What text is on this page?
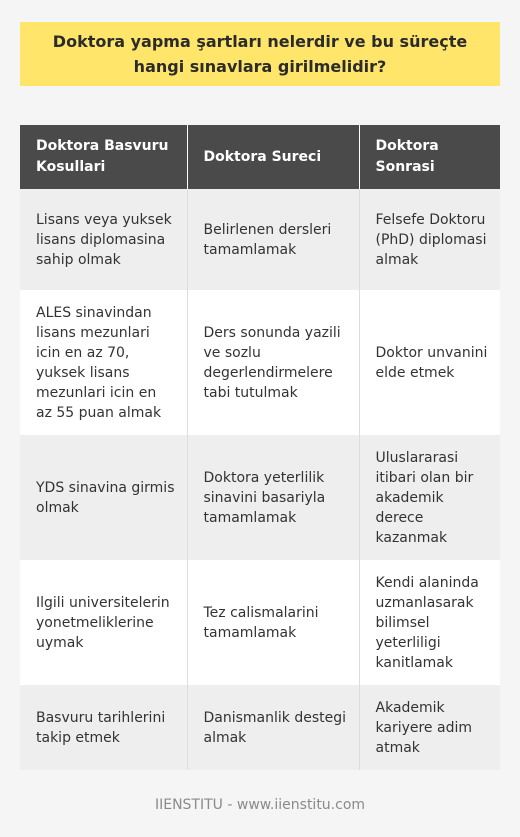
Doktora yapma şartları nelerdir ve bu süreçte hangi sınavlara girilmelidir?
Doktora Basvuru Kosullari	Doktora Sureci	Doktora Sonrasi
Lisans veya yuksek lisans diplomasina sahip olmak	Belirlenen dersleri tamamlamak	Felsefe Doktoru (PhD) diplomasi almak
ALES sinavindan lisans mezunlari icin en az 70, yuksek lisans mezunlari icin en az 55 puan almak	Ders sonunda yazili ve sozlu degerlendirmelere tabi tutulmak	Doktor unvanini elde etmek
YDS sinavina girmis olmak	Doktora yeterlilik sinavini basariyla tamamlamak	Uluslararasi itibari olan bir akademik derece kazanmak
Ilgili universitelerin yonetmeliklerine uymak	Tez calismalarini tamamlamak	Kendi alaninda uzmanlasarak bilimsel yeterliligi kanitlamak
Basvuru tarihlerini takip etmek	Danismanlik destegi almak	Akademik kariyere adim atmak
IIENSTITU - www.iienstitu.com
